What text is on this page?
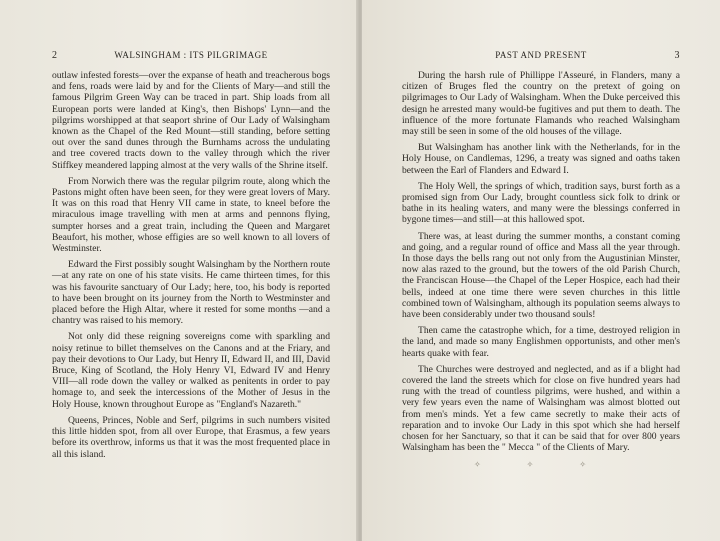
2	WALSINGHAM : ITS PILGRIMAGE

outlaw infested forests—over the expanse of heath and treacherous bogs and fens, roads were laid by and for the Clients of Mary—and still the famous Pilgrim Green Way can be traced in part. Ship loads from all European ports were landed at King's, then Bishops' Lynn—and the pilgrims worshipped at that seaport shrine of Our Lady of Walsingham known as the Chapel of the Red Mount—still standing, before setting out over the sand dunes through the Burnhams across the undulating and tree covered tracts down to the valley through which the river Stiffkey meandered lapping almost at the very walls of the Shrine itself.

From Norwich there was the regular pilgrim route, along which the Pastons might often have been seen, for they were great lovers of Mary. It was on this road that Henry VII came in state, to kneel before the miraculous image travelling with men at arms and pennons flying, sumpter horses and a great train, including the Queen and Margaret Beaufort, his mother, whose effigies are so well known to all lovers of Westminster.

Edward the First possibly sought Walsingham by the Northern route—at any rate on one of his state visits. He came thirteen times, for this was his favourite sanctuary of Our Lady; here, too, his body is reported to have been brought on its journey from the North to Westminster and placed before the High Altar, where it rested for some months —and a chantry was raised to his memory.

Not only did these reigning sovereigns come with sparkling and noisy retinue to billet themselves on the Canons and at the Friary, and pay their devotions to Our Lady, but Henry II, Edward II, and III, David Bruce, King of Scotland, the Holy Henry VI, Edward IV and Henry VIII—all rode down the valley or walked as penitents in order to pay homage to, and seek the intercessions of the Mother of Jesus in the Holy House, known throughout Europe as "England's Nazareth."

Queens, Princes, Noble and Serf, pilgrims in such numbers visited this little hidden spot, from all over Europe, that Erasmus, a few years before its overthrow, informs us that it was the most frequented place in all this island.

PAST AND PRESENT	3

During the harsh rule of Phillippe l'Asseuré, in Flanders, many a citizen of Bruges fled the country on the pretext of going on pilgrimages to Our Lady of Walsingham. When the Duke perceived this design he arrested many would-be fugitives and put them to death. The influence of the more fortunate Flamands who reached Walsingham may still be seen in some of the old houses of the village.

But Walsingham has another link with the Netherlands, for in the Holy House, on Candlemas, 1296, a treaty was signed and oaths taken between the Earl of Flanders and Edward I.

The Holy Well, the springs of which, tradition says, burst forth as a promised sign from Our Lady, brought countless sick folk to drink or bathe in its healing waters, and many were the blessings conferred in bygone times—and still—at this hallowed spot.

There was, at least during the summer months, a constant coming and going, and a regular round of office and Mass all the year through. In those days the bells rang out not only from the Augustinian Minster, now alas razed to the ground, but the towers of the old Parish Church, the Franciscan House—the Chapel of the Leper Hospice, each had their bells, indeed at one time there were seven churches in this little combined town of Walsingham, although its population seems always to have been considerably under two thousand souls!

Then came the catastrophe which, for a time, destroyed religion in the land, and made so many Englishmen opportunists, and other men's hearts quake with fear.

The Churches were destroyed and neglected, and as if a blight had covered the land the streets which for close on five hundred years had rung with the tread of countless pilgrims, were hushed, and within a very few years even the name of Walsingham was almost blotted out from men's minds. Yet a few came secretly to make their acts of reparation and to invoke Our Lady in this spot which she had herself chosen for her Sanctuary, so that it can be said that for over 800 years Walsingham has been the " Mecca " of the Clients of Mary.

✧ ✧ ✧
